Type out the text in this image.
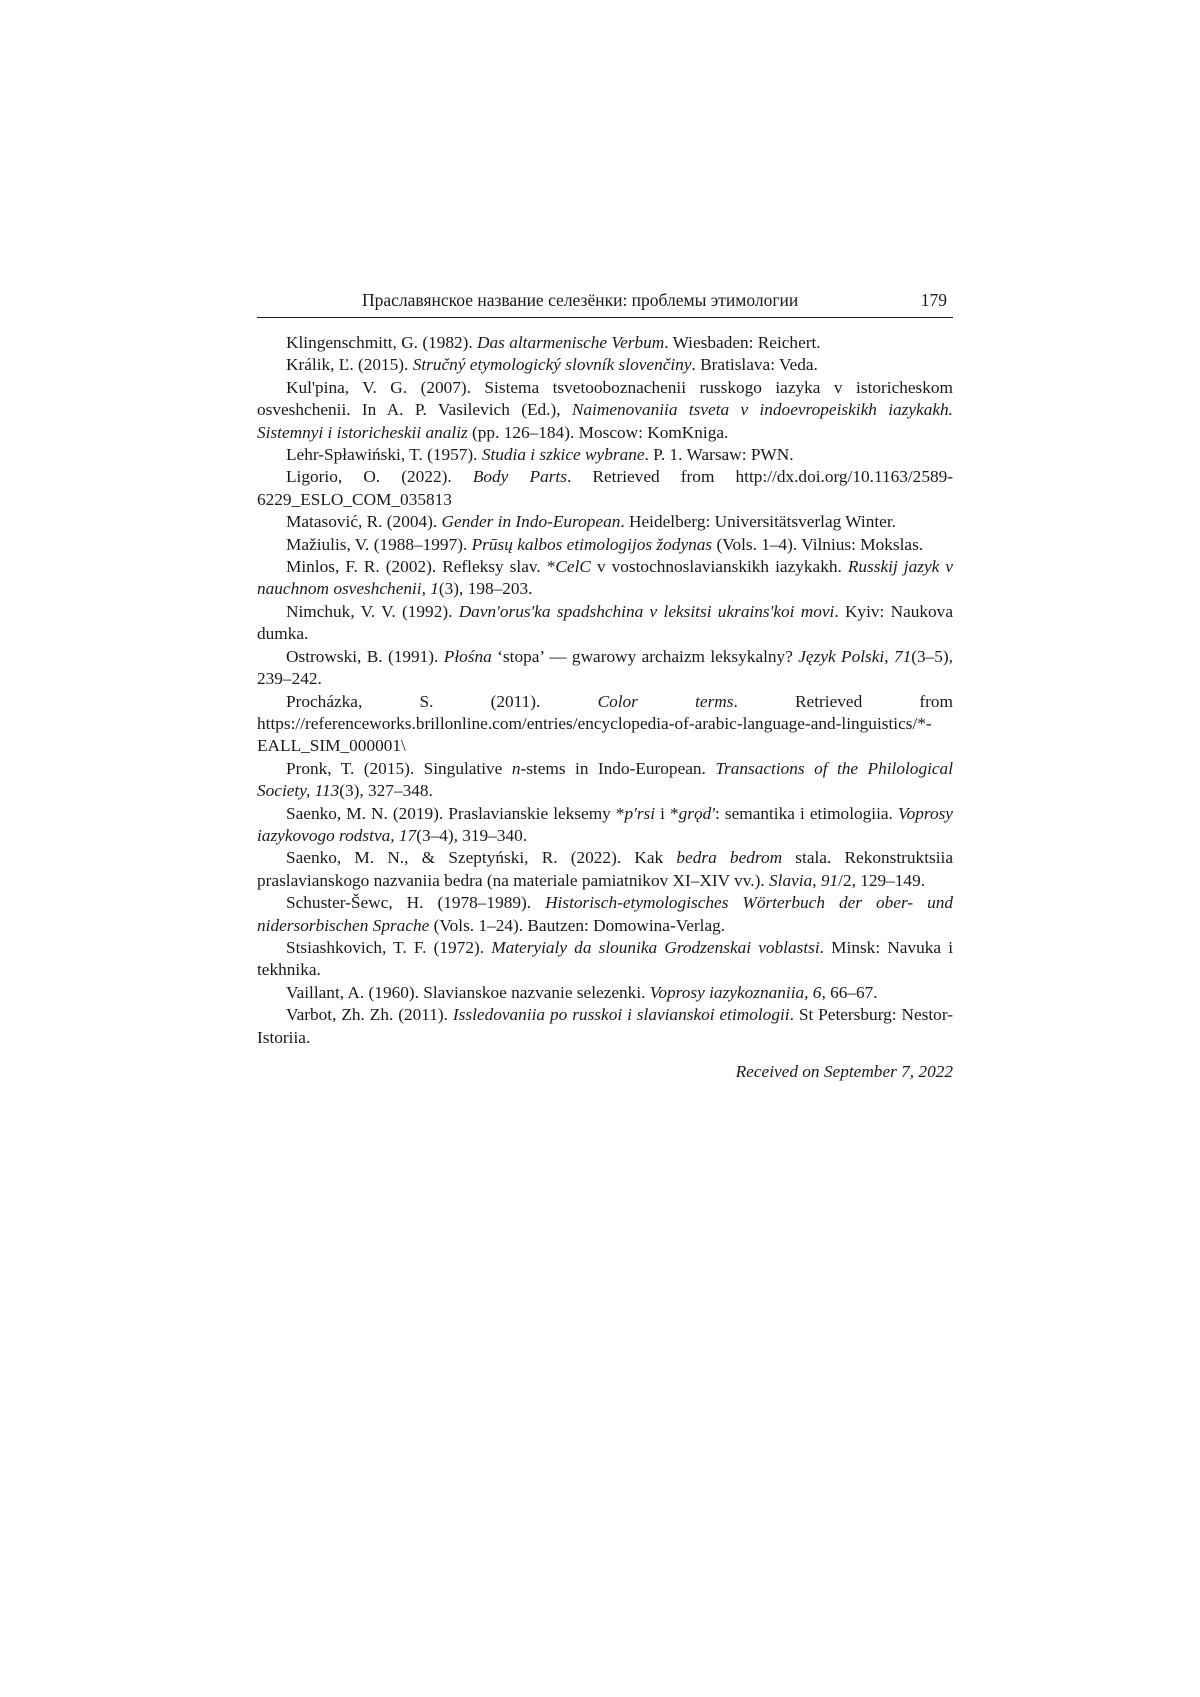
Праславянское название селезёнки: проблемы этимологии	179

Klingenschmitt, G. (1982). Das altarmenische Verbum. Wiesbaden: Reichert.

Králik, Ľ. (2015). Stručný etymologický slovník slovenčiny. Bratislava: Veda.

Kul'pina, V. G. (2007). Sistema tsvetooboznachenii russkogo iazyka v istoricheskom osveshchenii. In A. P. Vasilevich (Ed.), Naimenovaniia tsveta v indoevropeiskikh iazykakh. Sistemnyi i istoricheskii analiz (pp. 126–184). Moscow: KomKniga.

Lehr-Spławiński, T. (1957). Studia i szkice wybrane. P. 1. Warsaw: PWN.

Ligorio, O. (2022). Body Parts. Retrieved from http://dx.doi.org/10.1163/2589-6229_ESLO_COM_035813

Matasović, R. (2004). Gender in Indo-European. Heidelberg: Universitätsverlag Winter.

Mažiulis, V. (1988–1997). Prūsų kalbos etimologijos žodynas (Vols. 1–4). Vilnius: Mokslas.

Minlos, F. R. (2002). Refleksy slav. *CelC v vostochnoslavianskikh iazykakh. Russkij jazyk v nauchnom osveshchenii, 1(3), 198–203.

Nimchuk, V. V. (1992). Davn'orus'ka spadshchina v leksitsi ukrains'koi movi. Kyiv: Naukova dumka.

Ostrowski, B. (1991). Płośna ‘stopa’ — gwarowy archaizm leksykalny? Język Polski, 71(3–5), 239–242.

Procházka, S. (2011). Color terms. Retrieved from https://referenceworks.brillonline.com/entries/encyclopedia-of-arabic-language-and-linguistics/*-EALL_SIM_000001\

Pronk, T. (2015). Singulative n-stems in Indo-European. Transactions of the Philological Society, 113(3), 327–348.

Saenko, M. N. (2019). Praslavianskie leksemy *p'rsi i *grǫd': semantika i etimologiia. Voprosy iazykovogo rodstva, 17(3–4), 319–340.

Saenko, M. N., & Szeptyński, R. (2022). Kak bedra bedrom stala. Rekonstruktsiia praslavianskogo nazvaniia bedra (na materiale pamiatnikov XI–XIV vv.). Slavia, 91/2, 129–149.

Schuster-Šewc, H. (1978–1989). Historisch-etymologisches Wörterbuch der ober- und nidersorbischen Sprache (Vols. 1–24). Bautzen: Domowina-Verlag.

Stsiashkovich, T. F. (1972). Materyialy da slounika Grodzenskai voblastsi. Minsk: Navuka i tekhnika.

Vaillant, A. (1960). Slavianskoe nazvanie selezenki. Voprosy iazykoznaniia, 6, 66–67.

Varbot, Zh. Zh. (2011). Issledovaniia po russkoi i slavianskoi etimologii. St Petersburg: Nestor-Istoriia.

Received on September 7, 2022
